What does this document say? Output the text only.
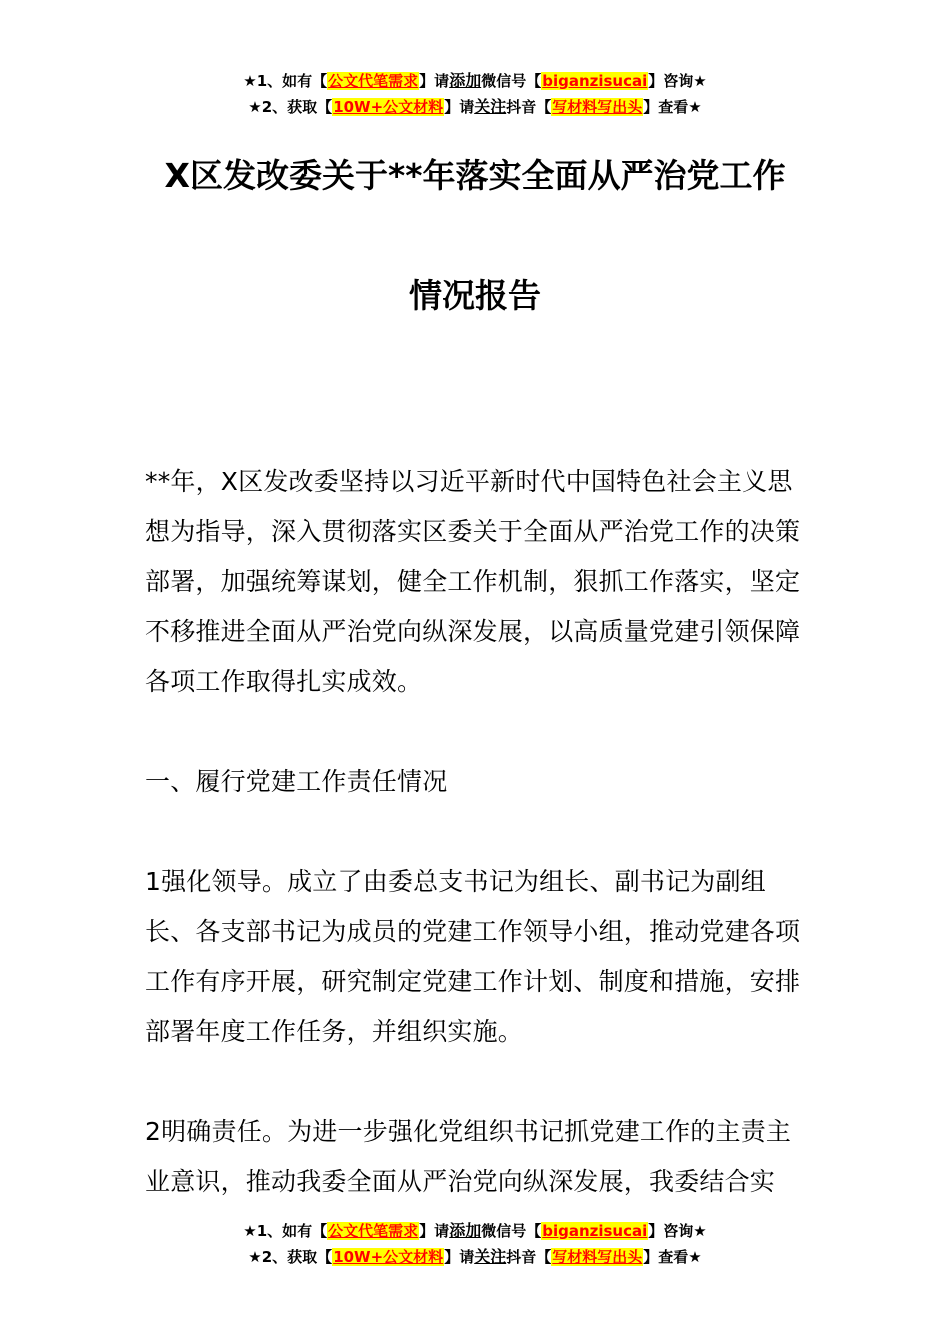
★1、如有【公文代笔需求】请添加微信号【biganzisucai】咨询★
★2、获取【10W+公文材料】请关注抖音【写材料写出头】查看★
X区发改委关于**年落实全面从严治党工作
情况报告

**年，X区发改委坚持以习近平新时代中国特色社会主义思想为指导，深入贯彻落实区委关于全面从严治党工作的决策部署，加强统筹谋划，健全工作机制，狠抓工作落实，坚定不移推进全面从严治党向纵深发展，以高质量党建引领保障各项工作取得扎实成效。

一、履行党建工作责任情况

1强化领导。成立了由委总支书记为组长、副书记为副组长、各支部书记为成员的党建工作领导小组，推动党建各项工作有序开展，研究制定党建工作计划、制度和措施，安排部署年度工作任务，并组织实施。

2明确责任。为进一步强化党组织书记抓党建工作的主责主业意识，推动我委全面从严治党向纵深发展，我委结合实

★1、如有【公文代笔需求】请添加微信号【biganzisucai】咨询★
★2、获取【10W+公文材料】请关注抖音【写材料写出头】查看★
